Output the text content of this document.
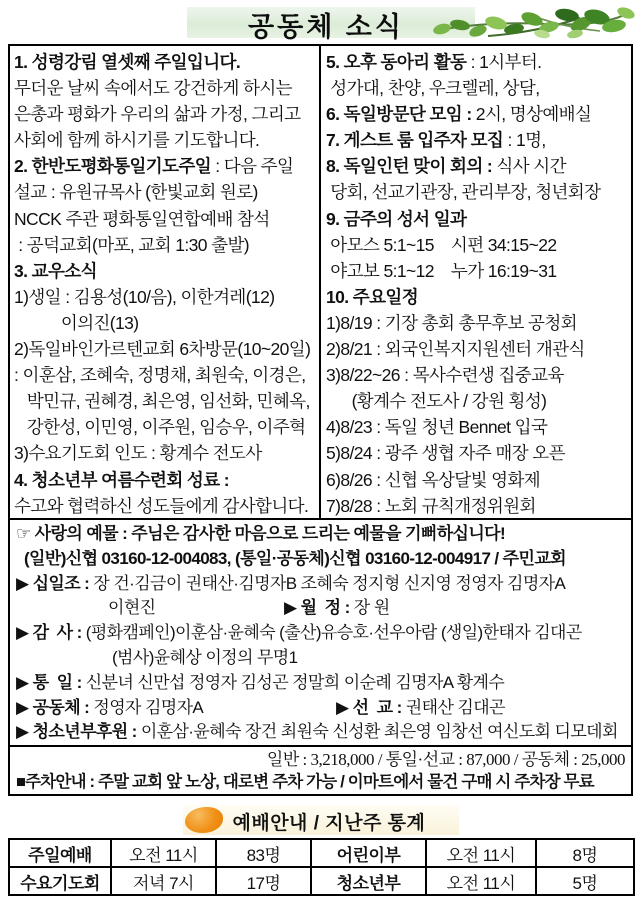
공동체 소식
1. 성령강림 열셋째 주일입니다.
무더운 날씨 속에서도 강건하게 하시는
은총과 평화가 우리의 삶과 가정, 그리고
사회에 함께 하시기를 기도합니다.
2. 한반도평화통일기도주일 : 다음 주일
설교 : 유원규목사 (한빛교회 원로)
NCCK 주관 평화통일연합예배 참석
: 공덕교회(마포, 교회 1:30 출발)
3. 교우소식
1)생일 : 김용성(10/음), 이한겨레(12)
이의진(13)
2)독일바인가르텐교회 6차방문(10~20일)
: 이훈삼, 조혜숙, 정명채, 최원숙, 이경은,
박민규, 권혜경, 최은영, 임선화, 민혜옥,
강한성, 이민영, 이주원, 임승우, 이주혁
3)수요기도회 인도 : 황계수 전도사
4. 청소년부 여름수련회 성료 :
수고와 협력하신 성도들에게 감사합니다.
5. 오후 동아리 활동 : 1시부터.
성가대, 찬양, 우크렐레, 상담,
6. 독일방문단 모임 : 2시, 명상예배실
7. 게스트 룸 입주자 모집 : 1명,
8. 독일인턴 맞이 회의 : 식사 시간
당회, 선교기관장, 관리부장, 청년회장
9. 금주의 성서 일과
아모스 5:1~15    시편 34:15~22
야고보 5:1~12    누가 16:19~31
10. 주요일정
1)8/19 : 기장 총회 총무후보 공청회
2)8/21 : 외국인복지지원센터 개관식
3)8/22~26 : 목사수련생 집중교육
(황계수 전도사 / 강원 횡성)
4)8/23 : 독일 청년 Bennet 입국
5)8/24 : 광주 생협 자주 매장 오픈
6)8/26 : 신협 옥상달빛 영화제
7)8/28 : 노회 규칙개정위원회
☞ 사랑의 예물 : 주님은 감사한 마음으로 드리는 예물을 기뻐하십니다!
(일반)신협 03160-12-004083, (통일·공동체)신협 03160-12-004917 / 주민교회
▶ 십일조 : 장 건·김금이 권태산·김명자B 조혜숙 정지형 신지영 정영자 김명자A
이현진	▶ 월  정 : 장 원
▶ 감  사 : (평화캠페인)이훈삼·윤혜숙 (출산)유승호·선우아람 (생일)한태자 김대곤
(범사)윤혜상 이정의 무명1
▶ 통  일 : 신분녀 신만섭 정영자 김성곤 정말희 이순례 김명자A 황계수
▶ 공동체 : 정영자 김명자A	▶ 선  교 : 권태산 김대곤
▶ 청소년부후원 : 이훈삼·윤혜숙 장건 최원숙 신성환 최은영 임창선 여신도회 디모데회
일반 : 3,218,000 / 통일·선교 : 87,000 / 공동체 : 25,000
■주차안내 : 주말 교회 앞 노상, 대로변 주차 가능 / 이마트에서 물건 구매 시 주차장 무료
예배안내 / 지난주 통계
주일예배	오전 11시	83명	어린이부	오전 11시	8명
수요기도회	저녁 7시	17명	청소년부	오전 11시	5명
